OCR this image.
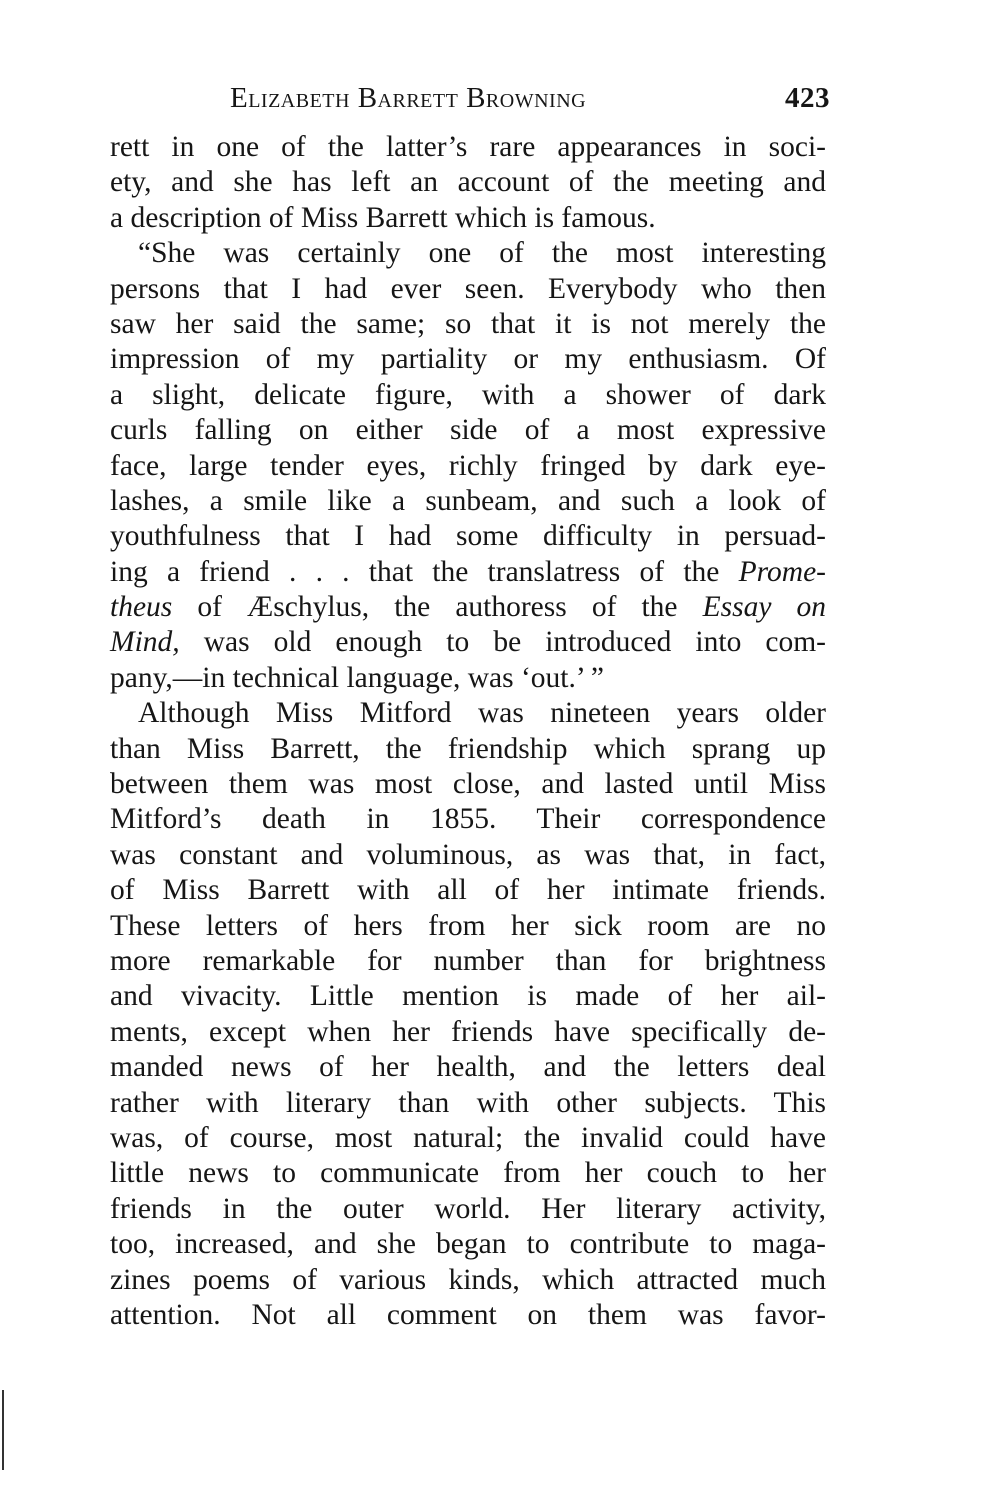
Elizabeth Barrett Browning	423
rett in one of the latter’s rare appearances in soci-
ety, and she has left an account of the meeting and
a description of Miss Barrett which is famous.
“She was certainly one of the most interesting
persons that I had ever seen. Everybody who then
saw her said the same; so that it is not merely the
impression of my partiality or my enthusiasm. Of
a slight, delicate figure, with a shower of dark
curls falling on either side of a most expressive
face, large tender eyes, richly fringed by dark eye-
lashes, a smile like a sunbeam, and such a look of
youthfulness that I had some difficulty in persuad-
ing a friend . . . that the translatress of the Prome-
theus of Æschylus, the authoress of the Essay on
Mind, was old enough to be introduced into com-
pany,—in technical language, was ‘out.’ ”
Although Miss Mitford was nineteen years older
than Miss Barrett, the friendship which sprang up
between them was most close, and lasted until Miss
Mitford’s death in 1855. Their correspondence
was constant and voluminous, as was that, in fact,
of Miss Barrett with all of her intimate friends.
These letters of hers from her sick room are no
more remarkable for number than for brightness
and vivacity. Little mention is made of her ail-
ments, except when her friends have specifically de-
manded news of her health, and the letters deal
rather with literary than with other subjects. This
was, of course, most natural; the invalid could have
little news to communicate from her couch to her
friends in the outer world. Her literary activity,
too, increased, and she began to contribute to maga-
zines poems of various kinds, which attracted much
attention. Not all comment on them was favor-
